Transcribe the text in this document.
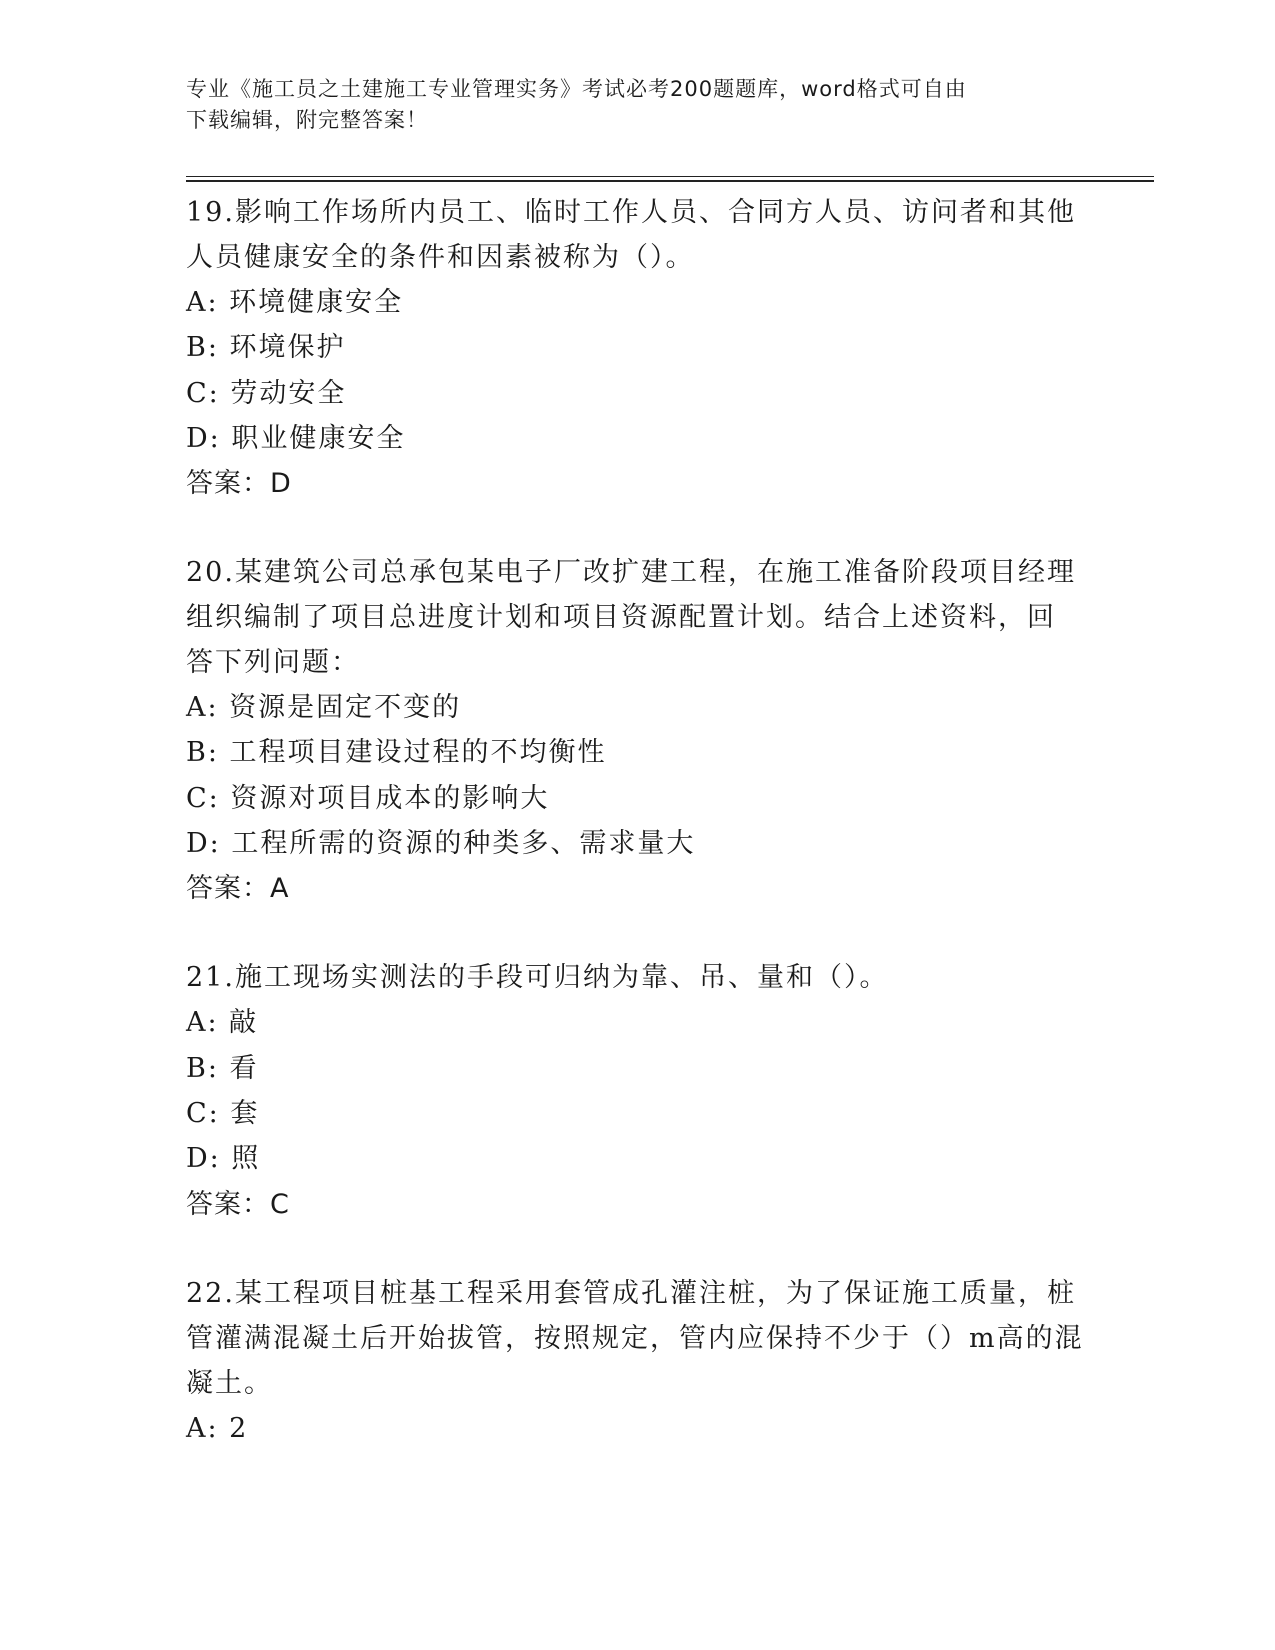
专业《施工员之土建施工专业管理实务》考试必考200题题库，word格式可自由
下载编辑，附完整答案！

19.影响工作场所内员工、临时工作人员、合同方人员、访问者和其他

人员健康安全的条件和因素被称为（）。

A: 环境健康安全

B: 环境保护

C: 劳动安全

D: 职业健康安全

答案：D

20.某建筑公司总承包某电子厂改扩建工程，在施工准备阶段项目经理

组织编制了项目总进度计划和项目资源配置计划。结合上述资料，回

答下列问题：

A: 资源是固定不变的

B: 工程项目建设过程的不均衡性

C: 资源对项目成本的影响大

D: 工程所需的资源的种类多、需求量大

答案：A

21.施工现场实测法的手段可归纳为靠、吊、量和（）。

A: 敲

B: 看

C: 套

D: 照

答案：C

22.某工程项目桩基工程采用套管成孔灌注桩，为了保证施工质量，桩

管灌满混凝土后开始拔管，按照规定，管内应保持不少于（）m高的混

凝土。

A: 2
